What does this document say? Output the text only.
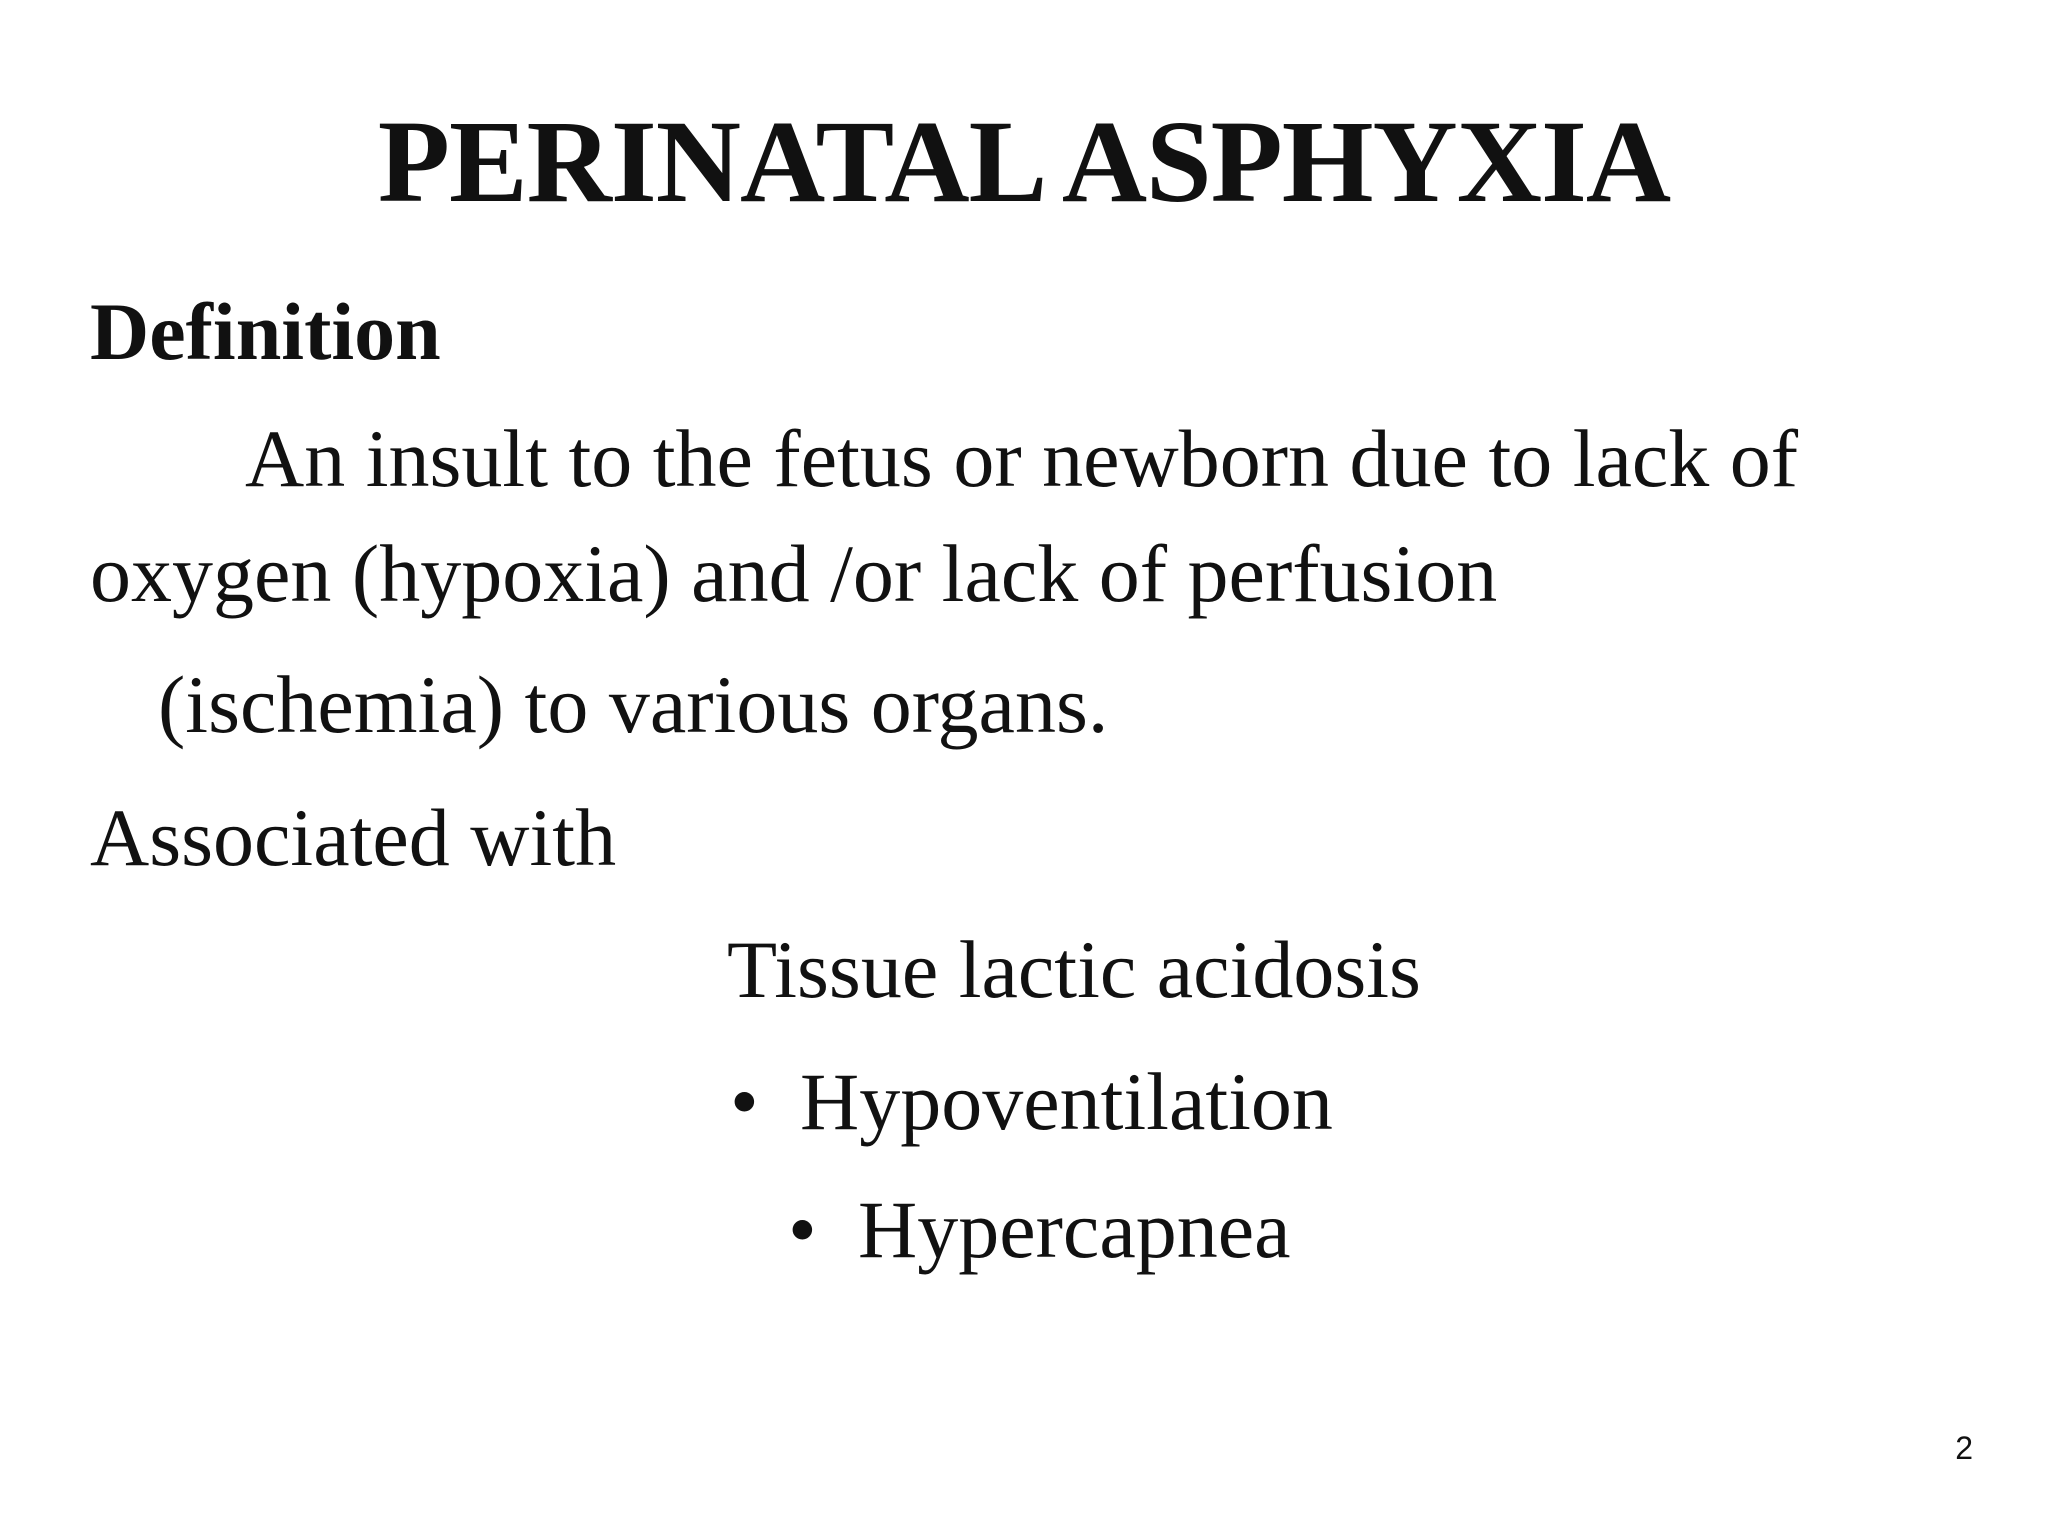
PERINATAL ASPHYXIA
Definition
An insult to the fetus or newborn due to lack of
oxygen (hypoxia) and /or lack of perfusion
(ischemia) to various organs.
Associated with
Tissue lactic acidosis
• Hypoventilation
• Hypercapnea
2
